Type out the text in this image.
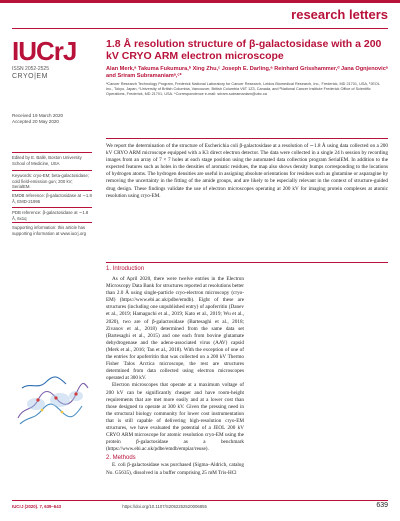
research letters
IUCrJ
ISSN 2052-2525
CRYO|EM
Received 19 March 2020
Accepted 20 May 2020
Edited by E. Ballé, Boston University School of Medicine, USA
Keywords: cryo-EM; beta-galactosidase; cold field-emission gun; 200 kV; SerialEM.
EMDB reference: β-galactosidase at ∼1.8 Å, EMD-21995
PDB reference: β-galactosidase at ∼1.8 Å, 6x1q
Supporting information: this article has supporting information at www.iucrj.org
1.8 Å resolution structure of β-galactosidase with a 200 kV CRYO ARM electron microscope
Alan Merk,ᵃ Takuma Fukumura,ᵇ Xing Zhu,ᶜ Joseph E. Darling,ᵃ Reinhard Grisshammer,ᵈ Jana Ognjenovicᵃ and Sriram Subramaniamᵃ,ᶜ*
ᵃCancer Research Technology Program, Frederick National Laboratory for Cancer Research, Leidos Biomedical Research, Inc., Frederick, MD 21701, USA, ᵇJEOL Inc., Tokyo, Japan, ᶜUniversity of British Columbia, Vancouver, British Columbia V6T 1Z3, Canada, and ᵈNational Cancer Institute Frederick Office of Scientific Operations, Frederick, MD 21701, USA. *Correspondence e-mail: sriram.subramaniam@ubc.ca
We report the determination of the structure of Escherichia coli β-galactosidase at a resolution of ∼1.8 Å using data collected on a 200 kV CRYO ARM microscope equipped with a K3 direct electron detector. The data were collected in a single 24 h session by recording images from an array of 7 × 7 holes at each stage position using the automated data collection program SerialEM. In addition to the expected features such as holes in the densities of aromatic residues, the map also shows density bumps corresponding to the locations of hydrogen atoms. The hydrogen densities are useful in assigning absolute orientations for residues such as glutamine or asparagine by removing the uncertainty in the fitting of the amide groups, and are likely to be especially relevant in the context of structure-guided drug design. These findings validate the use of electron microscopes operating at 200 kV for imaging protein complexes at atomic resolution using cryo-EM.
1. Introduction
As of April 2020, there were twelve entries in the Electron Microscopy Data Bank for structures reported at resolutions better than 2.0 Å using single-particle cryo-electron microscopy (cryo-EM) (https://www.ebi.ac.uk/pdbe/emdb). Eight of these are structures (including one unpublished entry) of apoferritin (Danev et al., 2019; Hamaguchi et al., 2019; Kato et al., 2019; Wu et al., 2020), two are of β-galactosidase (Bartesaghi et al., 2018; Zivanov et al., 2018) determined from the same data set (Bartesaghi et al., 2015) and one each from bovine glutamate dehydrogenase and the adeno-associated virus (AAV) capsid (Merk et al., 2016; Tan et al., 2018). With the exception of one of the entries for apoferritin that was collected on a 200 kV Thermo Fisher Talos Arctica microscope, the rest are structures determined from data collected using electron microscopes operated at 300 kV.
Electron microscopes that operate at a maximum voltage of 200 kV can be significantly cheaper and have room-height requirements that are met more easily and at a lower cost than those designed to operate at 300 kV. Given the pressing need in the structural biology community for lower cost instrumentation that is still capable of delivering high-resolution cryo-EM structures, we have evaluated the potential of a JEOL 200 kV CRYO ARM microscope for atomic resolution cryo-EM using the protein β-galactosidase as a benchmark (https://www.ebi.ac.uk/pdbe/emdb/empiar/reuse).
2. Methods
E. coli β-galactosidase was purchased (Sigma–Aldrich, catalog No. G5635), dissolved in a buffer comprising 25 mM Tris-HCl
IUCrJ (2020). 7, 639–643	https://doi.org/10.1107/S2052252520006855	639
